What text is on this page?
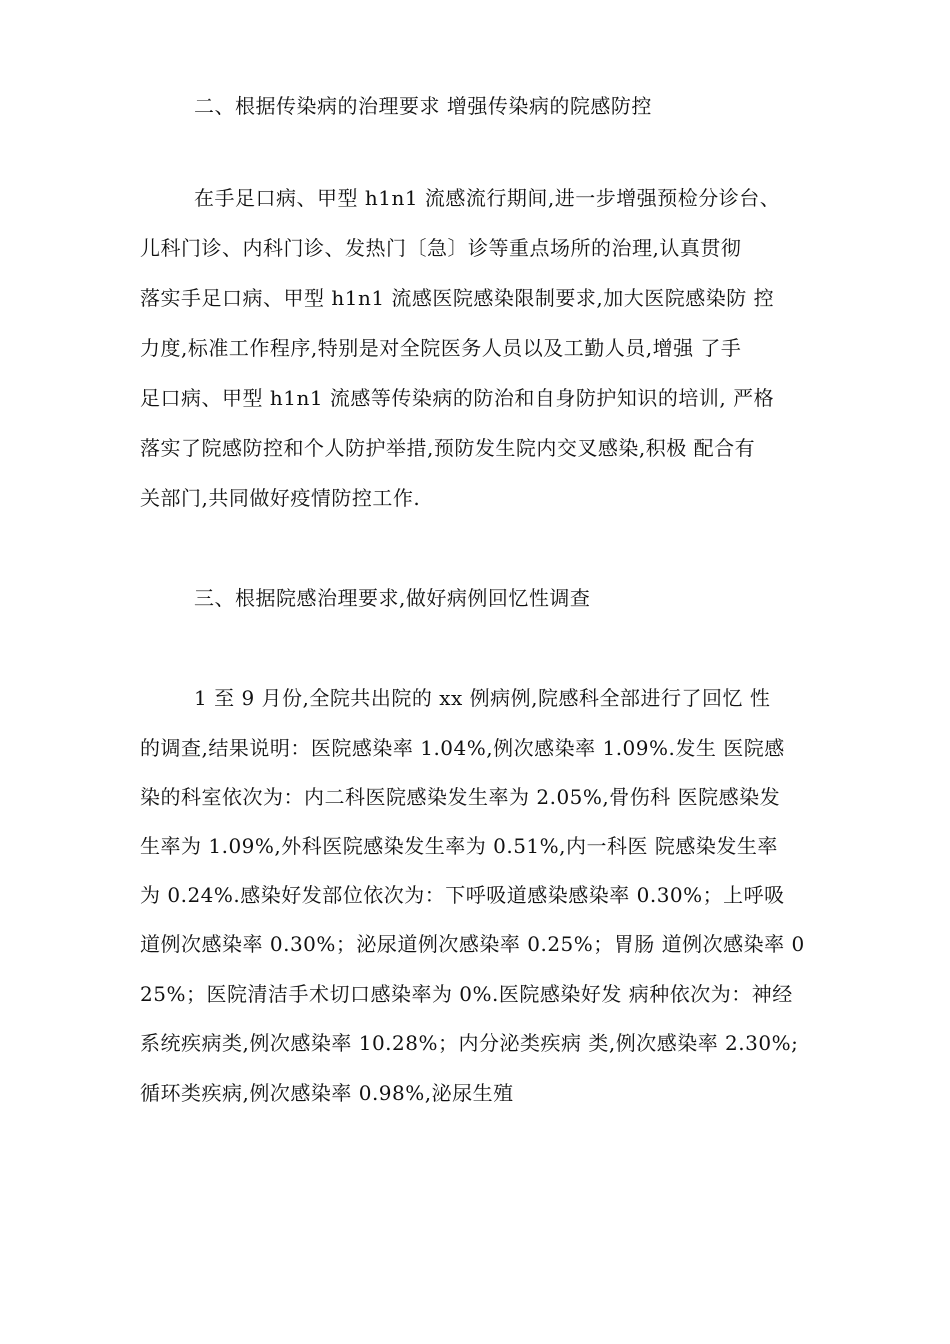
二、根据传染病的治理要求 增强传染病的院感防控
在手足口病、甲型 h1n1 流感流行期间,进一步增强预检分诊台、
儿科门诊、内科门诊、发热门〔急〕诊等重点场所的治理,认真贯彻
落实手足口病、甲型 h1n1 流感医院感染限制要求,加大医院感染防 控
力度,标准工作程序,特别是对全院医务人员以及工勤人员,增强 了手
足口病、甲型 h1n1 流感等传染病的防治和自身防护知识的培训, 严格
落实了院感防控和个人防护举措,预防发生院内交叉感染,积极 配合有
关部门,共同做好疫情防控工作.
三、根据院感治理要求,做好病例回忆性调查
1 至 9 月份,全院共出院的 xx 例病例,院感科全部进行了回忆 性
的调查,结果说明：医院感染率 1.04%,例次感染率 1.09%.发生 医院感
染的科室依次为：内二科医院感染发生率为 2.05%,骨伤科 医院感染发
生率为 1.09%,外科医院感染发生率为 0.51%,内一科医 院感染发生率
为 0.24%.感染好发部位依次为：下呼吸道感染感染率 0.30%；上呼吸
道例次感染率 0.30%；泌尿道例次感染率 0.25%；胃肠 道例次感染率 0
25%；医院清洁手术切口感染率为 0%.医院感染好发 病种依次为：神经
系统疾病类,例次感染率 10.28%；内分泌类疾病 类,例次感染率 2.30%;
循环类疾病,例次感染率 0.98%,泌尿生殖
